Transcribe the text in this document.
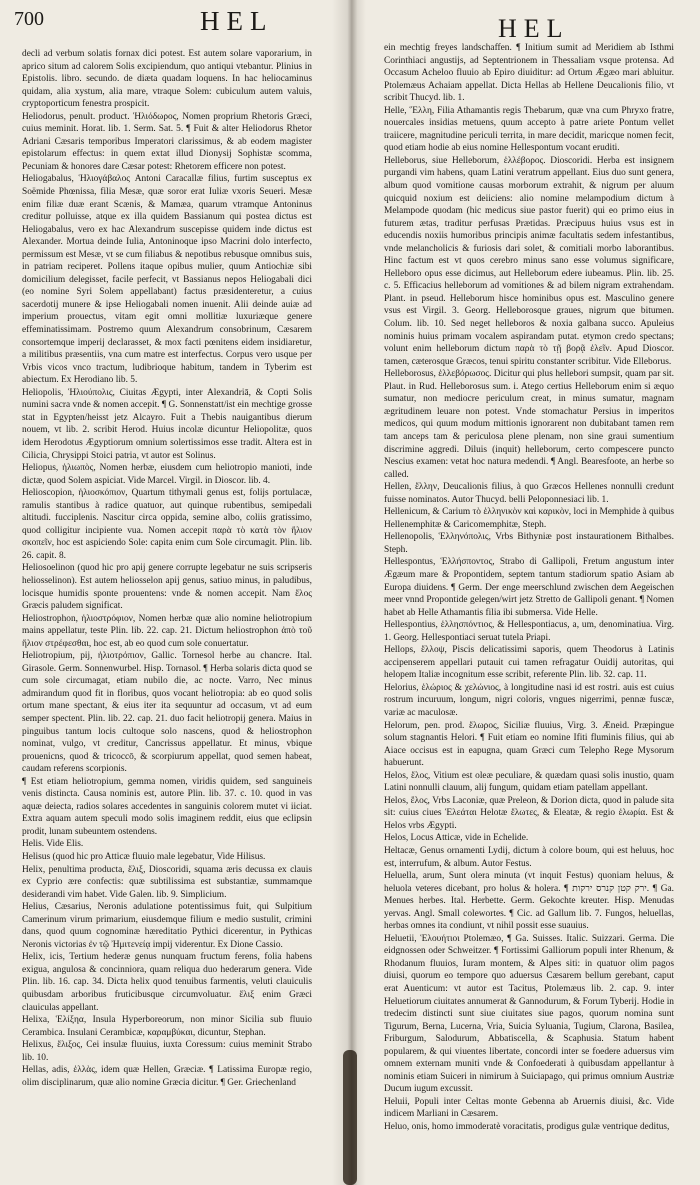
700	HEL	HEL

decli ad verbum solatis fornax dici potest. Est autem solare vaporarium, in aprico situm ad calorem Solis excipiendum, quo antiqui vtebantur. Plinius in Epistolis. libro. secundo. de diæta quadam loquens. In hac heliocaminus quidam, alia xystum, alia mare, vtraque Solem: cubiculum autem valuis, cryptoporticum fenestra prospicit.

Heliodorus, penult. product. Ἡλιόδωρος, Nomen proprium Rhetoris Græci, cuius meminit. Horat. lib. 1. Serm. Sat. 5. ¶ Fuit & alter Heliodorus Rhetor Adriani Cæsaris temporibus Imperatori clarissimus, & ab eodem magister epistolarum effectus: in quem extat illud Dionysij Sophistæ scomma, Pecuniam & honores dare Cæsar potest: Rhetorem efficere non potest.

Heliogabalus, Ἡλιογάβαλος Antoni Caracallæ filius, furtim susceptus ex Soëmide Phœnissa, filia Mesæ, quæ soror erat Iuliæ vxoris Seueri. Mesæ enim filiæ duæ erant Scænis, & Mamæa, quarum vtramque Antoninus creditur polluisse, atque ex illa quidem Bassianum qui postea dictus est Heliogabalus, vero ex hac Alexandrum suscepisse quidem inde dictus est Alexander. Mortua deinde Iulia, Antoninoque ipso Macrini dolo interfecto, permissum est Mesæ, vt se cum filiabus & nepotibus rebusque omnibus suis, in patriam reciperet. Pollens itaque opibus mulier, quum Antiochiæ sibi domicilium delegisset, facile perfecit, vt Bassianus nepos Heliogabali dici (eo nomine Syri Solem appellabant) factus præsidenteretur, a cuius sacerdotij munere & ipse Heliogabali nomen inuenit. Alii deinde auiæ ad imperium prouectus, vitam egit omni mollitiæ luxuriæque genere effeminatissimam. Postremo quum Alexandrum consobrinum, Cæsarem consortemque imperij declarasset, & mox facti pœnitens eidem insidiaretur, a militibus præsentiis, vna cum matre est interfectus. Corpus vero usque per Vrbis vicos vnco tractum, ludibrioque habitum, tandem in Tyberim est abiectum. Ex Herodiano lib. 5.

Heliopolis, Ἡλιούπολις, Ciuitas Ægypti, inter Alexandriā, & Copti Solis numini sacra vnde & nomen accepit. ¶ G. Sonnenstatt/ist ein mechtige grosse stat in Egypten/heisst jetz Alcayro. Fuit a Thebis nauigantibus dierum nouem, vt lib. 2. scribit Herod. Huius incolæ dicuntur Heliopolitæ, quos idem Herodotus Ægyptiorum omnium solertissimos esse tradit. Altera est in Cilicia, Chrysippi Stoici patria, vt autor est Solinus.

Heliopus, ἡλιωπὸς, Nomen herbæ, eiusdem cum heliotropio manioti, inde dictæ, quod Solem aspiciat. Vide Marcel. Virgil. in Dioscor. lib. 4.

Helioscopion, ἡλιοσκόπιον, Quartum tithymali genus est, folijs portulacæ, ramulis stantibus à radice quatuor, aut quinque rubentibus, semipedali altitudi. fucciplenis. Nascitur circa oppida, semine albo, coliis gratissimo, quod colligitur incipiente vua. Nomen accepit παρὰ τὸ κατὰ τὸν ἥλιον σκοπεῖν, hoc est aspiciendo Sole: capita enim cum Sole circumagit. Plin. lib. 26. capit. 8.

Heliosoelinon (quod hic pro apij genere corrupte legebatur ne suis scripseris heliosselinon). Est autem heliosselon apij genus, satiuo minus, in paludibus, locisque humidis sponte prouentens: vnde & nomen accepit. Nam ἕλος Græcis paludem significat.

Heliostrophon, ἡλιοστρόφιον, Nomen herbæ quæ alio nomine heliotropium mains appellatur, teste Plin. lib. 22. cap. 21. Dictum heliostrophon ἀπὸ τοῦ ἥλιον στρέφεσθαι, hoc est, ab eo quod cum sole conuertatur.

Heliotropium, pij, ἡλιοτρόπιον, Gallic. Tornesol herbe au chancre. Ital. Girasole. Germ. Sonnenwurbel. Hisp. Tornasol. ¶ Herba solaris dicta quod se cum sole circumagat, etiam nubilo die, ac nocte. Varro, Nec minus admirandum quod fit in floribus, quos vocant heliotropia: ab eo quod solis ortum mane spectant, & eius iter ita sequuntur ad occasum, vt ad eum semper spectent. Plin. lib. 22. cap. 21. duo facit heliotropij genera. Maius in pinguibus tantum locis cultoque solo nascens, quod & heliostrophon nominat, vulgo, vt creditur, Cancrissus appellatur. Et minus, vbique prouenicns, quod & tricoccō, & scorpiurum appellat, quod semen habeat, caudam referens scorpionis.

¶ Est etiam heliotropium, gemma nomen, viridis quidem, sed sanguineis venis distincta. Causa nominis est, autore Plin. lib. 37. c. 10. quod in vas aquæ deiecta, radios solares accedentes in sanguinis colorem mutet vi iiciat. Extra aquam autem speculi modo solis imaginem reddit, eius que eclipsin prodit, lunam subeuntem ostendens.

Helis. Vide Elis.

Helisus (quod hic pro Atticæ fluuio male legebatur, Vide Hilisus.

Helix, penultima producta, ἕλιξ, Dioscoridi, squama æris decussa ex clauis ex Cyprio ære confectis: quæ subtilissima est substantiæ, summamque desiderandi vim habet. Vide Galen. lib. 9. Simplicium.

Helius, Cæsarius, Neronis adulatione potentissimus fuit, qui Sulpitium Camerinum virum primarium, eiusdemque filium e medio sustulit, crimini dans, quod quum cognominæ hæreditatio Pythici dicerentur, in Pythicas Neronis victorias ἐν τῷ Ἠμιτενείᾳ impij viderentur. Ex Dione Cassio.

Helix, icis, Tertium hederæ genus nunquam fructum ferens, folia habens exigua, angulosa & concinniora, quam reliqua duo hederarum genera. Vide Plin. lib. 16. cap. 34. Dicta helix quod tenuibus farmentis, veluti clauiculis quibusdam arboribus fruticibusque circumvoluatur. ἕλιξ enim Græci clauiculas appellant.

Helixa, Ἑλίξηα, Insula Hyperboreorum, non minor Sicilia sub fluuio Cerambica. Insulani Cerambicæ, καραμβύκαι, dicuntur, Stephan.

Helixus, ἕλιξος, Cei insulæ fluuius, iuxta Coressum: cuius meminit Strabo lib. 10.

Hellas, adis, ἑλλὰς, idem quæ Hellen, Græciæ. ¶ Latissima Europæ regio, olim disciplinarum, quæ alio nomine Græcia dicitur. ¶ Ger. Griechenland

ein mechtig freyes landschaffen. ¶ Initium sumit ad Meridiem ab Isthmi Corinthiaci angustijs, ad Septentrionem in Thessaliam vsque protensa. Ad Occasum Acheloo fluuio ab Epiro diuiditur: ad Ortum Ægæo mari abluitur. Ptolemæus Achaiam appellat. Dicta Hellas ab Hellene Deucalionis filio, vt scribit Thucyd. lib. 1.

Helle, Ἕλλη, Filia Athamantis regis Thebarum, quæ vna cum Phryxo fratre, nouercales insidias metuens, quum accepto à patre ariete Pontum vellet traiicere, magnitudine periculi territa, in mare decidit, maricque nomen fecit, quod etiam hodie ab eius nomine Hellespontum vocant eruditi.

Helleborus, siue Helleborum, ἑλλέβορος. Dioscoridi. Herba est insignem purgandi vim habens, quam Latini veratrum appellant. Eius duo sunt genera, album quod vomitione causas morborum extrahit, & nigrum per aluum quicquid noxium est deiiciens: alio nomine melampodium dictum à Melampode quodam (hic medicus siue pastor fuerit) qui eo primo eius in futurem ætas, traditur perfusas Prætidas. Præcipuus huius vsus est in educendis noxiis humoribus principis animæ facultatis sedem infestantibus, vnde melancholicis & furiosis dari solet, & comitiali morbo laborantibus. Hinc factum est vt quos cerebro minus sano esse volumus significare, Helleboro opus esse dicimus, aut Helleborum edere iubeamus. Plin. lib. 25. c. 5. Efficacius helleborum ad vomitiones & ad bilem nigram extrahendam. Plant. in pseud. Helleborum hisce hominibus opus est. Masculino genere vsus est Virgil. 3. Georg. Helleborosque graues, nigrum que bitumen. Colum. lib. 10. Sed neget helleboros & noxia galbana succo. Apuleius nominis huius primam vocalem aspirandam putat. etymon credo spectans; volunt enim helleborum dictum παρὰ τὸ τῇ βορᾷ ἑλεῖν. Apud Dioscor. tamen, cæterosque Græcos, tenui spiritu constanter scribitur. Vide Elleborus.

Helleborosus, ἑλλεβόρωσος. Dicitur qui plus hellebori sumpsit, quam par sit. Plaut. in Rud. Helleborosus sum. i. Atego certius Helleborum enim si æquo sumatur, non mediocre periculum creat, in minus sumatur, magnam ægritudinem leuare non potest. Vnde stomachatur Persius in imperitos medicos, qui quum modum mittionis ignorarent non dubitabant tamen rem tam anceps tam & periculosa plene plenam, non sine graui sumentium discrimine aggredi. Diluis (inquit) helleborum, certo compescere puncto Nescius examen: vetat hoc natura medendi. ¶ Angl. Bearesfoote, an herbe so called.

Hellen, ἕλλην, Deucalionis filius, à quo Græcos Hellenes nonnulli credunt fuisse nominatos. Autor Thucyd. belli Peloponnesiaci lib. 1.

Hellenicum, & Carium τὸ ἑλληνικὸν καὶ καρικὸν, loci in Memphide à quibus Hellenemphitæ & Caricomemphitæ, Steph.

Hellenopolis, Ἑλληνόπολις, Vrbs Bithyniæ post instaurationem Bithalbes. Steph.

Hellespontus, Ἑλλήσποντος, Strabo di Gallipoli, Fretum angustum inter Ægæum mare & Propontidem, septem tantum stadiorum spatio Asiam ab Europa diuidens. ¶ Germ. Der enge meerschlund zwischen dem Aegeischen meer vnnd Propontide gelegen/wirt jetz Stretto de Gallipoli genant. ¶ Nomen habet ab Helle Athamantis filia ibi submersa. Vide Helle.

Hellespontius, ἑλλησπόντιος, & Hellespontiacus, a, um, denominatiua. Virg. 1. Georg. Hellespontiaci seruat tutela Priapi.

Hellops, ἔλλοψ, Piscis delicatissimi saporis, quem Theodorus à Latinis accipenserem appellari putauit cui tamen refragatur Ouidij autoritas, qui helopem Italiæ incognitum esse scribit, referente Plin. lib. 32. cap. 11.

Helorius, ἑλώριος & χελώνιος, à longitudine nasi id est rostri. auis est cuius rostrum incuruum, longum, nigri coloris, vngues nigerrimi, pennæ fuscæ, variæ ac maculosæ.

Helorum, pen. prod. ἕλωρος, Siciliæ fluuius, Virg. 3. Æneid. Præpingue solum stagnantis Helori. ¶ Fuit etiam eo nomine Ifiti fluminis filius, qui ab Aiace occisus est in eapugna, quam Græci cum Telepho Rege Mysorum habuerunt.

Helos, ἕλος, Vitium est oleæ peculiare, & quædam quasi solis inustio, quam Latini nonnulli clauum, alij fungum, quidam etiam patellam appellant.

Helos, ἕλος, Vrbs Laconiæ, quæ Preleon, & Dorion dicta, quod in palude sita sit: cuius ciues Ἑλεάται Helotæ ἕλωτες, & Eleatæ, & regio ἑλωρία. Est & Helos vrbs Ægypti.

Helos, Locus Atticæ, vide in Echelide.

Heltacæ, Genus ornamenti Lydij, dictum à colore boum, qui est heluus, hoc est, interrufum, & album. Autor Festus.

Heluella, arum, Sunt olera minuta (vt inquit Festus) quoniam heluus, & heluola veteres dicebant, pro holus & holera. ¶ ירק קטן קנרס ירקות. ¶ Ga. Menues herbes. Ital. Herbette. Germ. Gekochte kreuter. Hisp. Menudas yervas. Angl. Small colewortes. ¶ Cic. ad Gallum lib. 7. Fungos, heluellas, herbas omnes ita condiunt, vt nihil possit esse suauius.

Heluetii, Ἑλουήτιοι Ptolemæo, ¶ Ga. Suisses. Italic. Suizzari. Germa. Die eidgnossen oder Schweitzer. ¶ Fortissimi Galliorum populi inter Rhenum, & Rhodanum fluuios, Iuram montem, & Alpes siti: in quatuor olim pagos diuisi, quorum eo tempore quo aduersus Cæsarem bellum gerebant, caput erat Auenticum: vt autor est Tacitus, Ptolemæus lib. 2. cap. 9. inter Heluetiorum ciuitates annumerat & Gannodurum, & Forum Tyberij. Hodie in tredecim distincti sunt siue ciuitates siue pagos, quorum nomina sunt Tigurum, Berna, Lucerna, Vria, Suicia Syluania, Tugium, Clarona, Basilea, Friburgum, Salodurum, Abbatiscella, & Scaphusia. Statum habent popularem, & qui viuentes libertate, concordi inter se foedere aduersus vim omnem externam muniti vnde & Confoederati à quibusdam appellantur à nominis etiam Suiceri in nimirum à Suiciapago, qui primus omnium Austriæ Ducum iugum excussit.

Heluii, Populi inter Celtas monte Gebenna ab Aruernis diuisi, &c. Vide indicem Marliani in Cæsarem.

Heluo, onis, homo immoderatè voracitatis, prodigus gulæ ventrique deditus,
